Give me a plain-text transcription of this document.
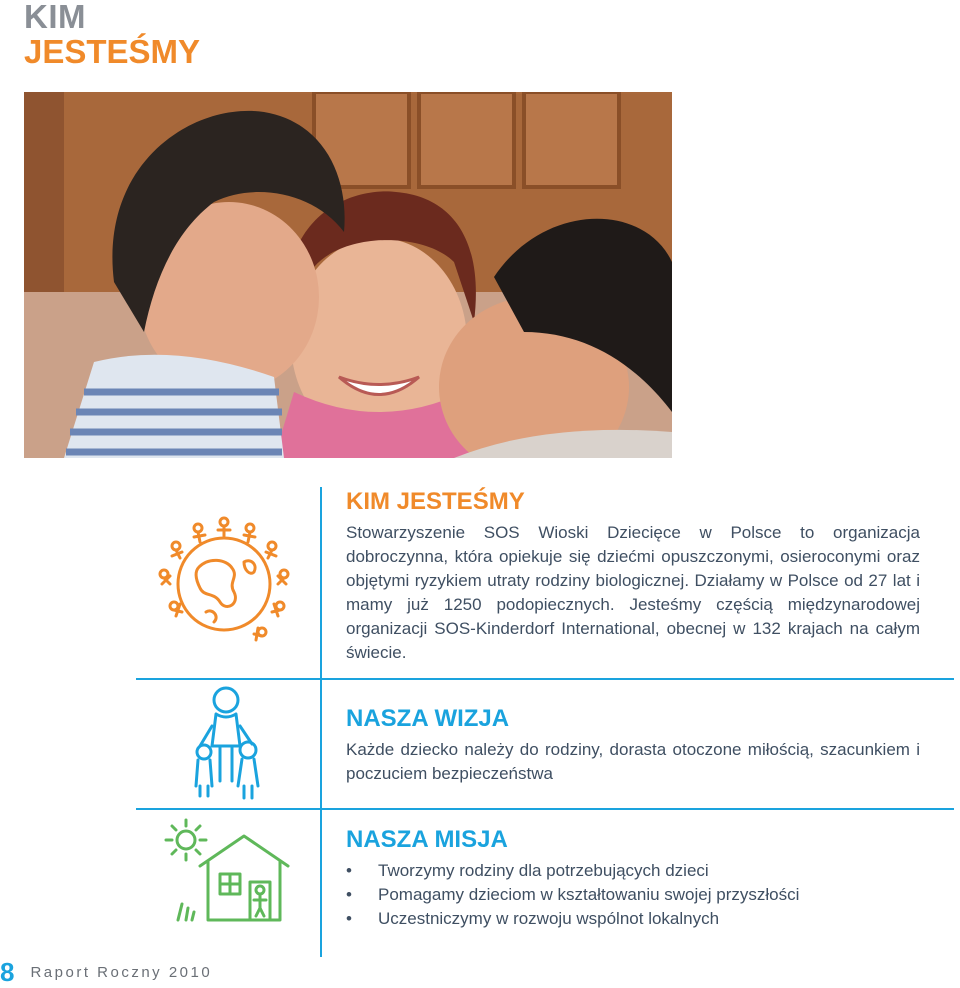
KIM
JESTEŚMY
KIM JESTEŚMY

Stowarzyszenie SOS Wioski Dziecięce w Polsce to organizacja dobroczynna, która opiekuje się dziećmi opuszczonymi, osieroconymi oraz objętymi ryzykiem utraty rodziny biologicznej. Działamy w Polsce od 27 lat i mamy już 1250 podopiecznych. Jesteśmy częścią międzynarodowej organizacji SOS-Kinderdorf International, obecnej w 132 krajach na całym świecie.

NASZA WIZJA

Każde dziecko należy do rodziny, dorasta otoczone miłością, szacunkiem i poczuciem bezpieczeństwa

NASZA MISJA
• Tworzymy rodziny dla potrzebujących dzieci
• Pomagamy dzieciom w kształtowaniu swojej przyszłości
• Uczestniczymy w rozwoju wspólnot lokalnych
8 Raport Roczny 2010
